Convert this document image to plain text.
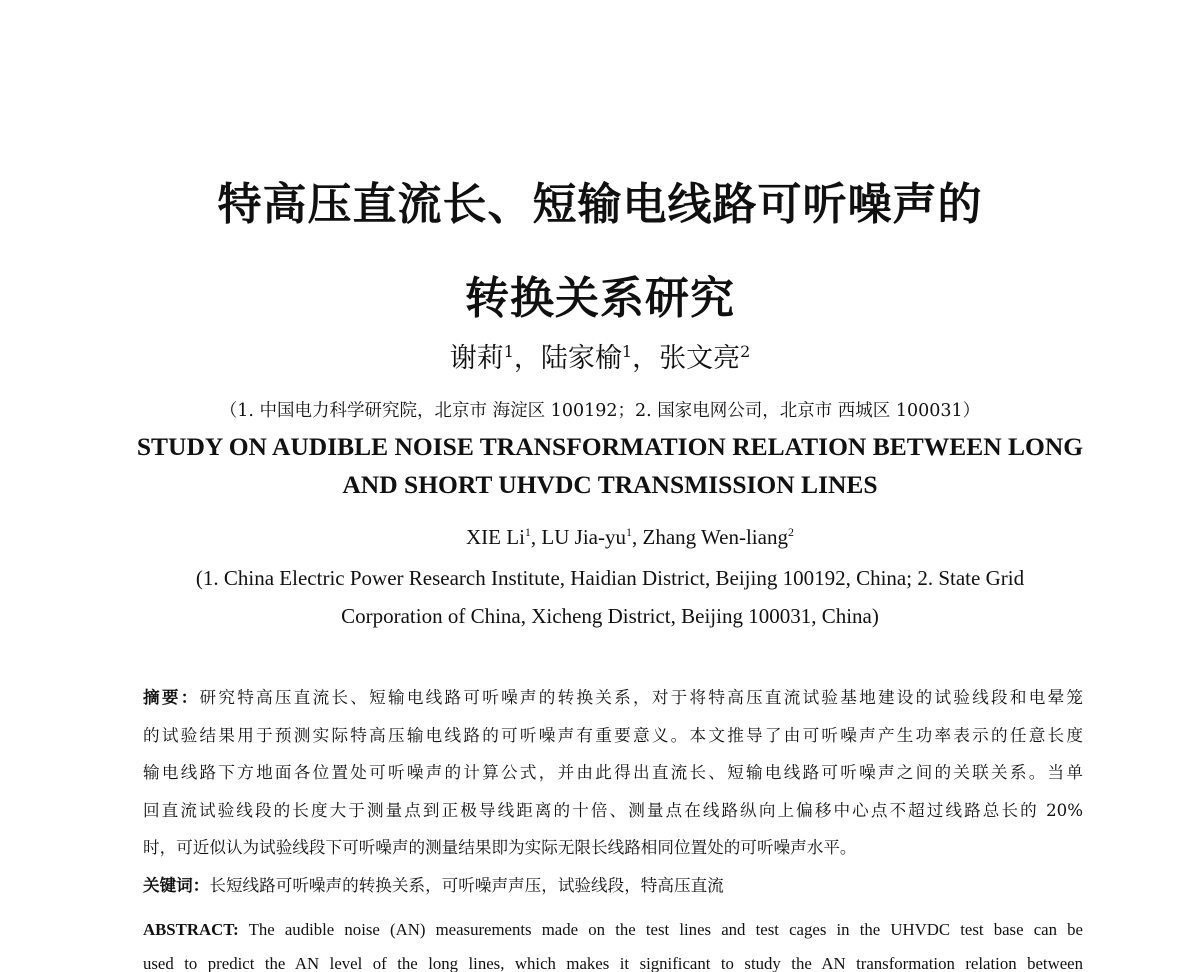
特高压直流长、短输电线路可听噪声的
转换关系研究
谢莉$^1$，陆家榆$^1$，张文亮$^2$
（1. 中国电力科学研究院，北京市 海淀区 100192；2. 国家电网公司，北京市 西城区 100031）
STUDY ON AUDIBLE NOISE TRANSFORMATION RELATION BETWEEN LONG
AND SHORT UHVDC TRANSMISSION LINES
XIE Li$^1$, LU Jia-$yu^1$, Zhang Wen-liang$^2$
(1. China Electric Power Research Institute, Haidian District, Beijing 100192, China; 2. State Grid
Corporation of China, Xicheng District, Beijing 100031, China)
摘要：研究特高压直流长、短输电线路可听噪声的转换关系，对于将特高压直流试验基地建设的试验线段和电晕笼
的试验结果用于预测实际特高压输电线路的可听噪声有重要意义。本文推导了由可听噪声产生功率表示的任意长度
输电线路下方地面各位置处可听噪声的计算公式，并由此得出直流长、短输电线路可听噪声之间的关联关系。当单
回直流试验线段的长度大于测量点到正极导线距离的十倍、测量点在线路纵向上偏移中心点不超过线路总长的 20%
时，可近似认为试验线段下可听噪声的测量结果即为实际无限长线路相同位置处的可听噪声水平。
关键词：长短线路可听噪声的转换关系，可听噪声声压，试验线段，特高压直流
ABSTRACT: The audible noise (AN) measurements made on the test lines and test cages in the UHVDC test base can be
used to predict the AN level of the long lines, which makes it significant to study the AN transformation relation between
